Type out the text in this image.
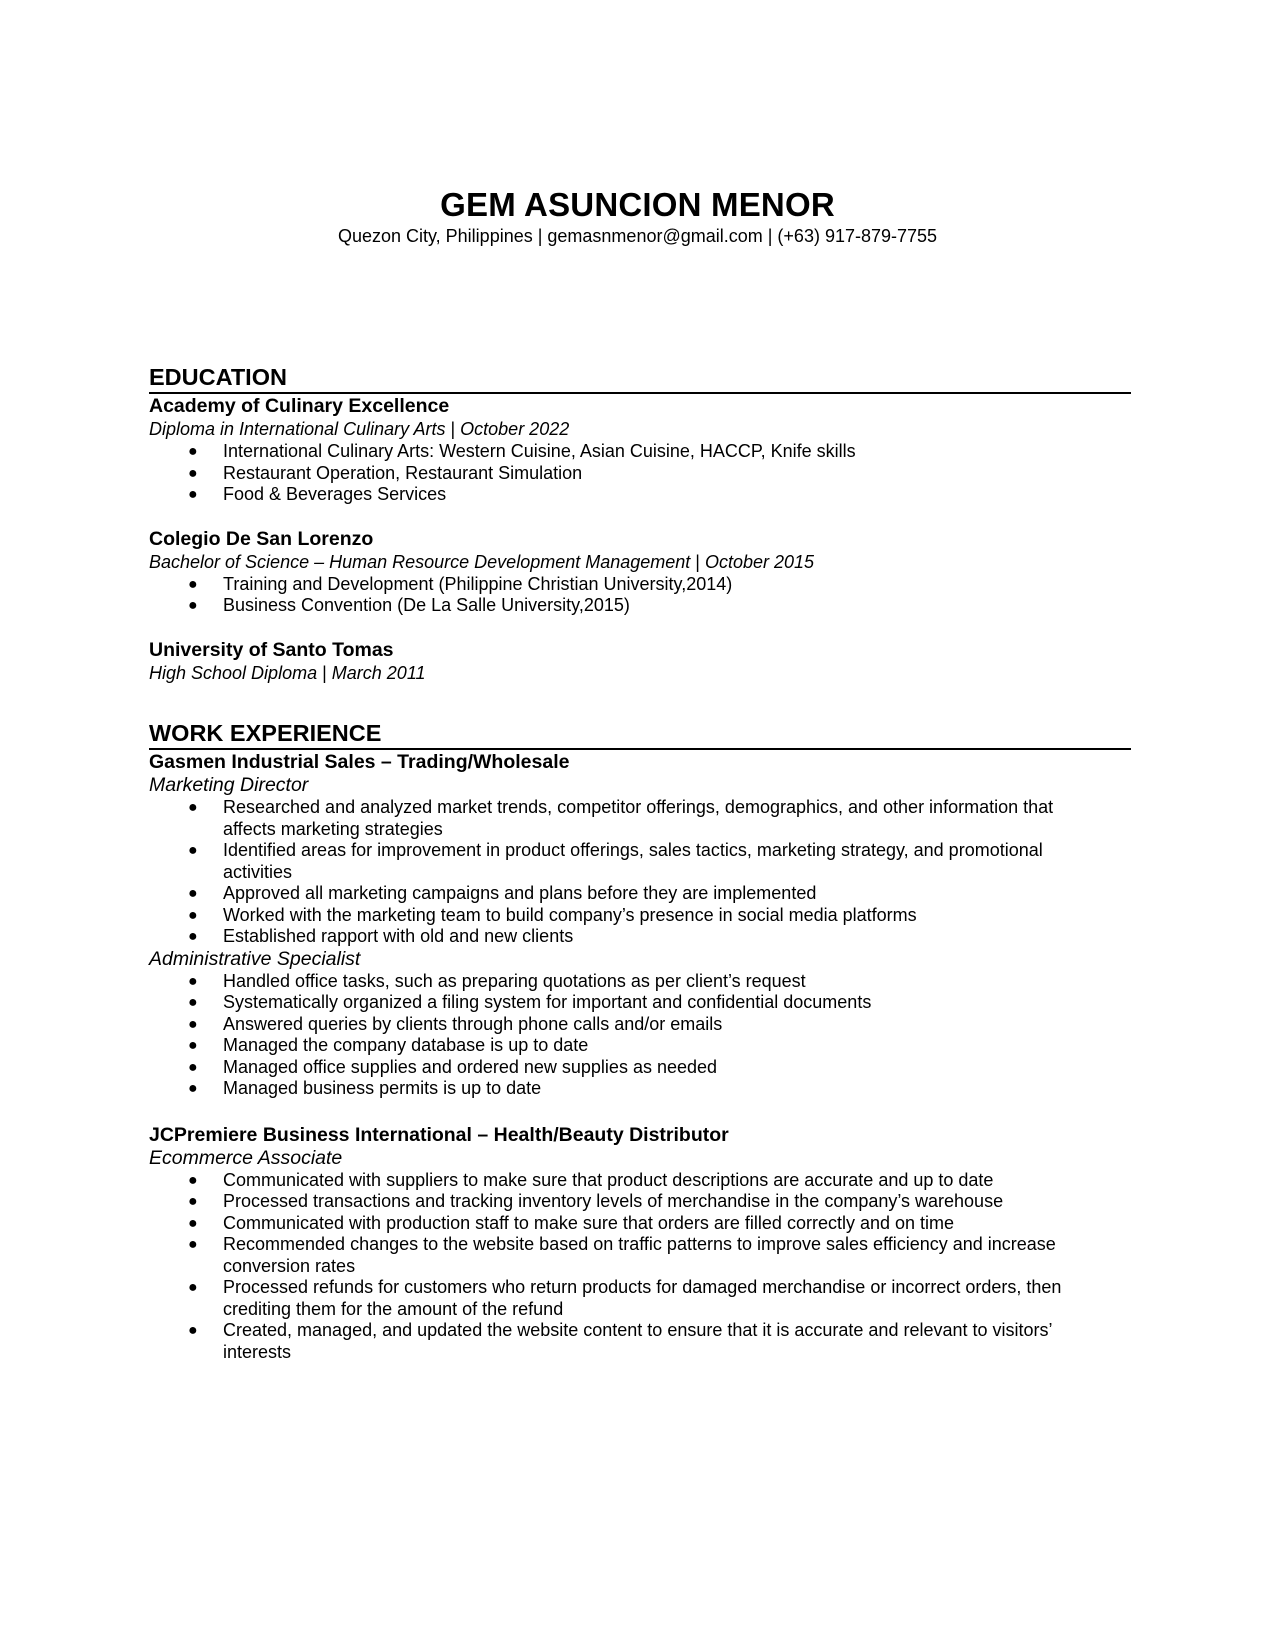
GEM ASUNCION MENOR

Quezon City, Philippines | gemasnmenor@gmail.com | (+63) 917-879-7755

EDUCATION

Academy of Culinary Excellence

Diploma in International Culinary Arts | October 2022

● International Culinary Arts: Western Cuisine, Asian Cuisine, HACCP, Knife skills
● Restaurant Operation, Restaurant Simulation
● Food & Beverages Services

Colegio De San Lorenzo

Bachelor of Science – Human Resource Development Management | October 2015

● Training and Development (Philippine Christian University,2014)
● Business Convention (De La Salle University,2015)

University of Santo Tomas

High School Diploma | March 2011

WORK EXPERIENCE

Gasmen Industrial Sales – Trading/Wholesale

Marketing Director

● Researched and analyzed market trends, competitor offerings, demographics, and other information that affects marketing strategies
● Identified areas for improvement in product offerings, sales tactics, marketing strategy, and promotional activities
● Approved all marketing campaigns and plans before they are implemented
● Worked with the marketing team to build company’s presence in social media platforms
● Established rapport with old and new clients

Administrative Specialist

● Handled office tasks, such as preparing quotations as per client’s request
● Systematically organized a filing system for important and confidential documents
● Answered queries by clients through phone calls and/or emails
● Managed the company database is up to date
● Managed office supplies and ordered new supplies as needed
● Managed business permits is up to date

JCPremiere Business International – Health/Beauty Distributor

Ecommerce Associate

● Communicated with suppliers to make sure that product descriptions are accurate and up to date
● Processed transactions and tracking inventory levels of merchandise in the company’s warehouse
● Communicated with production staff to make sure that orders are filled correctly and on time
● Recommended changes to the website based on traffic patterns to improve sales efficiency and increase conversion rates
● Processed refunds for customers who return products for damaged merchandise or incorrect orders, then crediting them for the amount of the refund
● Created, managed, and updated the website content to ensure that it is accurate and relevant to visitors’ interests
